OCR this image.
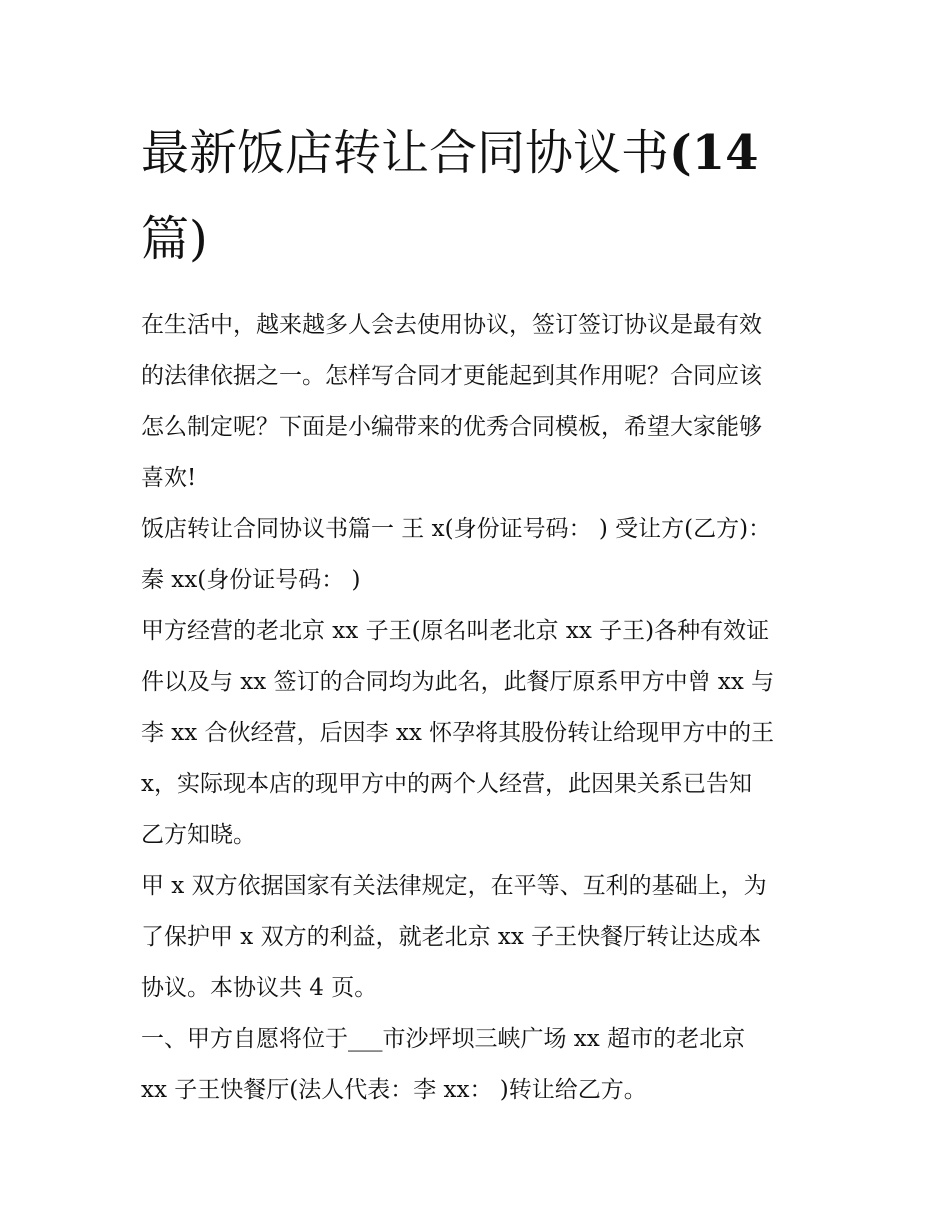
最新饭店转让合同协议书(14
篇)

在生活中，越来越多人会去使用协议，签订签订协议是最有效
的法律依据之一。怎样写合同才更能起到其作用呢？合同应该
怎么制定呢？下面是小编带来的优秀合同模板，希望大家能够
喜欢!

饭店转让合同协议书篇一 王 x(身份证号码： ) 受让方(乙方)：
秦 xx(身份证号码： )

甲方经营的老北京 xx 子王(原名叫老北京 xx 子王)各种有效证
件以及与 xx 签订的合同均为此名，此餐厅原系甲方中曾 xx 与
李 xx 合伙经营，后因李 xx 怀孕将其股份转让给现甲方中的王
x，实际现本店的现甲方中的两个人经营，此因果关系已告知
乙方知晓。

甲 x 双方依据国家有关法律规定，在平等、互利的基础上，为
了保护甲 x 双方的利益，就老北京 xx 子王快餐厅转让达成本
协议。本协议共 4 页。

一、甲方自愿将位于___市沙坪坝三峡广场 xx 超市的老北京
xx 子王快餐厅(法人代表：李 xx： )转让给乙方。
